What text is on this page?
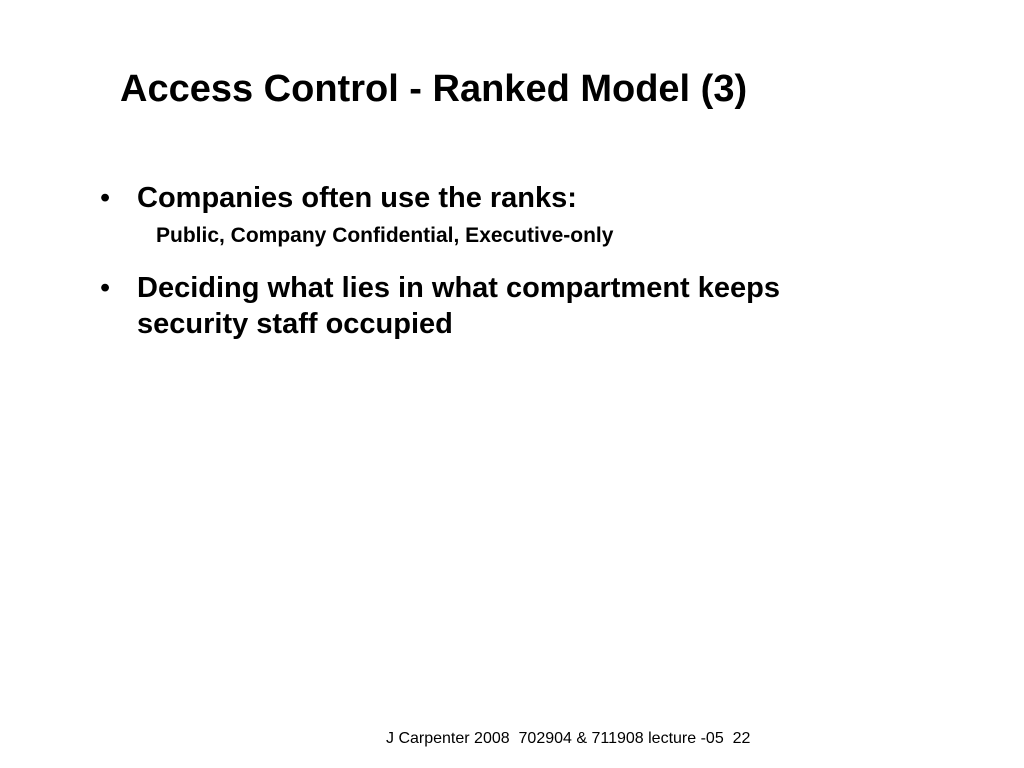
Access Control - Ranked Model (3)
• Companies often use the ranks:
Public, Company Confidential, Executive-only
• Deciding what lies in what compartment keeps security staff occupied
J Carpenter 2008  702904 & 711908 lecture -05  22
